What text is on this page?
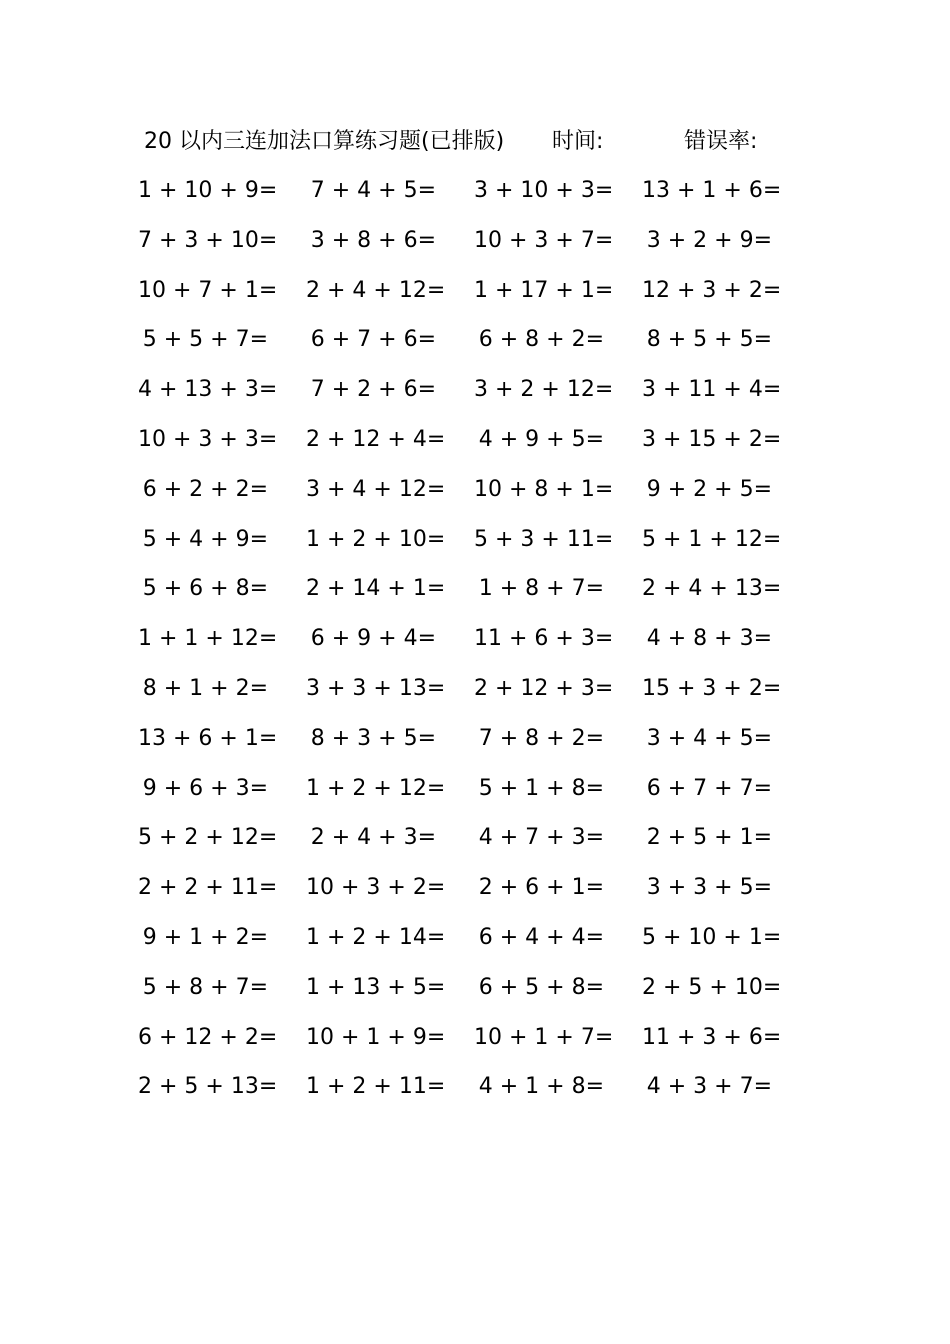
20 以内三连加法口算练习题(已排版) 时间:	错误率:
1 + 10 + 9= 7 + 4 + 5= 3 + 10 + 3= 13 + 1 + 6=
7 + 3 + 10= 3 + 8 + 6= 10 + 3 + 7= 3 + 2 + 9=
10 + 7 + 1= 2 + 4 + 12= 1 + 17 + 1= 12 + 3 + 2=
5 + 5 + 7= 6 + 7 + 6= 6 + 8 + 2= 8 + 5 + 5=
4 + 13 + 3= 7 + 2 + 6= 3 + 2 + 12= 3 + 11 + 4=
10 + 3 + 3= 2 + 12 + 4= 4 + 9 + 5= 3 + 15 + 2=
6 + 2 + 2= 3 + 4 + 12= 10 + 8 + 1= 9 + 2 + 5=
5 + 4 + 9= 1 + 2 + 10= 5 + 3 + 11= 5 + 1 + 12=
5 + 6 + 8= 2 + 14 + 1= 1 + 8 + 7= 2 + 4 + 13=
1 + 1 + 12= 6 + 9 + 4= 11 + 6 + 3= 4 + 8 + 3=
8 + 1 + 2= 3 + 3 + 13= 2 + 12 + 3= 15 + 3 + 2=
13 + 6 + 1= 8 + 3 + 5= 7 + 8 + 2= 3 + 4 + 5=
9 + 6 + 3= 1 + 2 + 12= 5 + 1 + 8= 6 + 7 + 7=
5 + 2 + 12= 2 + 4 + 3= 4 + 7 + 3= 2 + 5 + 1=
2 + 2 + 11= 10 + 3 + 2= 2 + 6 + 1= 3 + 3 + 5=
9 + 1 + 2= 1 + 2 + 14= 6 + 4 + 4= 5 + 10 + 1=
5 + 8 + 7= 1 + 13 + 5= 6 + 5 + 8= 2 + 5 + 10=
6 + 12 + 2= 10 + 1 + 9= 10 + 1 + 7= 11 + 3 + 6=
2 + 5 + 13= 1 + 2 + 11= 4 + 1 + 8= 4 + 3 + 7=
